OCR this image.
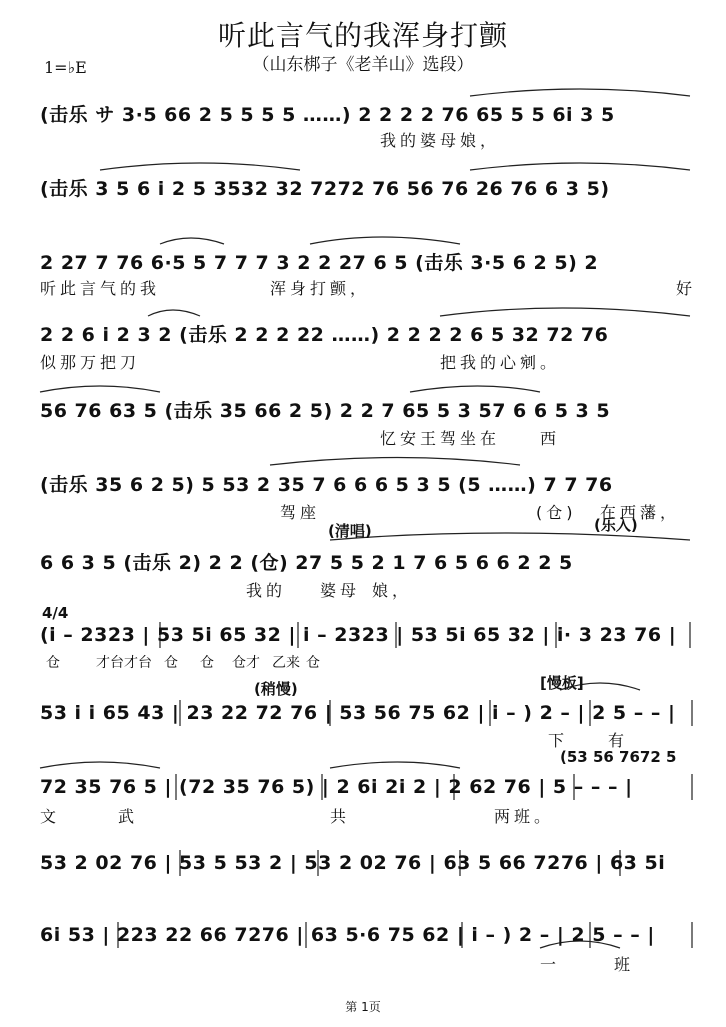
听此言气的我浑身打颤
（山东梆子《老羊山》选段）
1=♭E
(击乐 サ 3·5 66 2 5 5 5 5 ……) 2 2 2 2 76 65 5 5 6i 3 5
我的婆母娘，
(击乐 3 5 6 i 2 5 3532 32 7272 76 56 76 26 76 6 3 5)
2 27 7 76 6·5 5 7 7 7 3 2 2 27 6 5 (击乐 3·5 6 2 5) 2
听此言气的我	浑身打颤，	好
2 2 6 i 2 3 2 (击乐 2 2 2 22 ……) 2 2 2 2 6 5 32 72 76
似那万把刀	把我的心剜。
56 76 63 5 (击乐 35 66 2 5) 2 2 7 65 5 3 57 6 6 5 3 5
忆安王驾坐在 西
(击乐 35 6 2 5) 5 53 2 35 7 6 6 6 5 3 5 (5 ……) 7 7 76
驾座	(仓) 在西藩，
(清唱)	(乐入)
6 6 3 5 (击乐 2) 2 2 (仓) 27 5 5 2 1 7 6 5 6 6 2 2 5
我的 婆母 娘，
4/4
(i – 2323 | 53 5i 65 32 | i – 2323 | 53 5i 65 32 | i· 3 23 76 |
仓	才台才台 仓 仓 仓才 乙来 仓
(稍慢)	[慢板]
53 i i 65 43 | 23 22 72 76 | 53 56 75 62 | i – ) 2 – | 2 5 – – |
下 有
(53 56 7672 5
72 35 76 5 | (72 35 76 5) | 2 6i 2i 2 | 2 62 76 | 5 – – – |
文	武	共	两班。
53 2 02 76 | 53 5 53 2 | 53 2 02 76 | 63 5 66 7276 | 63 5i
6i 53 | 223 22 66 7276 | 63 5·6 75 62 | i – ) 2 – | 2 5 – – |
一	班
第 1页
